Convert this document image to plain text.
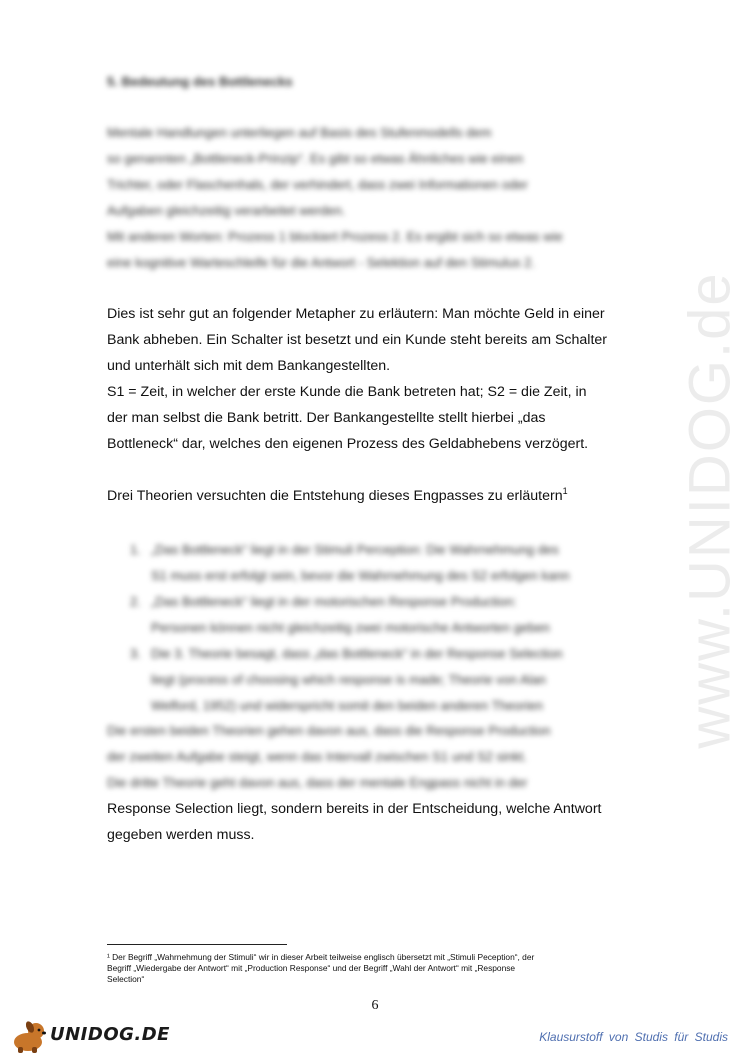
www.UNIDOG.de
5. Bedeutung des Bottlenecks
Mentale Handlungen unterliegen auf Basis des Stufenmodells dem
so genannten „Bottleneck-Prinzip“. Es gibt so etwas Ähnliches wie einen
Trichter, oder Flaschenhals, der verhindert, dass zwei Informationen oder
Aufgaben gleichzeitig verarbeitet werden.
Mit anderen Worten: Prozess 1 blockiert Prozess 2. Es ergibt sich so etwas wie
eine kognitive Warteschleife für die Antwort - Selektion auf den Stimulus 2.
Dies ist sehr gut an folgender Metapher zu erläutern: Man möchte Geld in einer
Bank abheben. Ein Schalter ist besetzt und ein Kunde steht bereits am Schalter
und unterhält sich mit dem Bankangestellten.
S1 = Zeit, in welcher der erste Kunde die Bank betreten hat; S2 = die Zeit, in
der man selbst die Bank betritt. Der Bankangestellte stellt hierbei „das
Bottleneck“ dar, welches den eigenen Prozess des Geldabhebens verzögert.
Drei Theorien versuchten die Entstehung dieses Engpasses zu erläutern$^1$
1. „Das Bottleneck“ liegt in der Stimuli Perception: Die Wahrnehmung des
S1 muss erst erfolgt sein, bevor die Wahrnehmung des S2 erfolgen kann
2. „Das Bottleneck“ liegt in der motorischen Response Production:
Personen können nicht gleichzeitig zwei motorische Antworten geben
3. Die 3. Theorie besagt, dass „das Bottleneck“ in der Response Selection
liegt (process of choosing which response is made; Theorie von Alan
Welford, 1952) und widerspricht somit den beiden anderen Theorien
Die ersten beiden Theorien gehen davon aus, dass die Response Production
der zweiten Aufgabe steigt, wenn das Intervall zwischen S1 und S2 sinkt.
Die dritte Theorie geht davon aus, dass der mentale Engpass nicht in der
Response Selection liegt, sondern bereits in der Entscheidung, welche Antwort
gegeben werden muss.
¹ Der Begriff „Wahrnehmung der Stimuli“ wir in dieser Arbeit teilweise englisch übersetzt mit „Stimuli Peception“, der
Begriff „Wiedergabe der Antwort“ mit „Production Response“ und der Begriff „Wahl der Antwort“ mit „Response
Selection“
6
UNIDOG.DE	Klausurstoff von Studis für Studis
